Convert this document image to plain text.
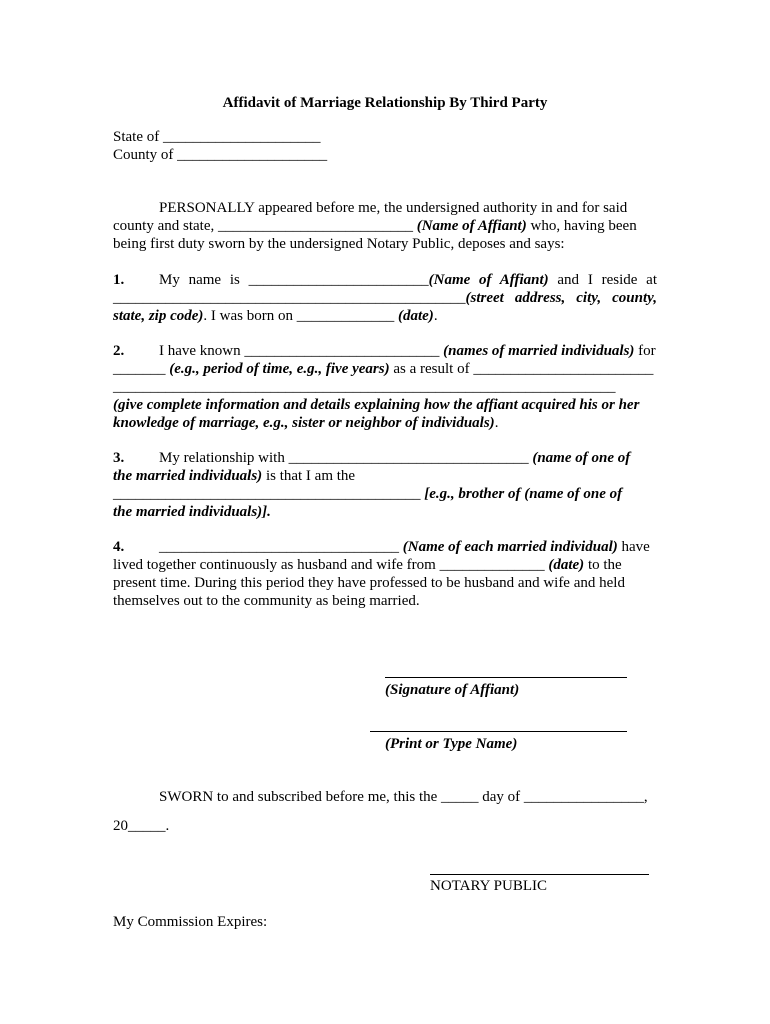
Affidavit of Marriage Relationship By Third Party
State of _____________________
County of ____________________
PERSONALLY appeared before me, the undersigned authority in and for said
county and state, __________________________ (Name of Affiant) who, having been
being first duty sworn by the undersigned Notary Public, deposes and says:
1. My name is ________________________(Name of Affiant) and I reside at
_______________________________________________(street address, city, county,
state, zip code). I was born on _____________ (date).
2. I have known __________________________ (names of married individuals) for
_______ (e.g., period of time, e.g., five years) as a result of ________________________
___________________________________________________________________
(give complete information and details explaining how the affiant acquired his or her
knowledge of marriage, e.g., sister or neighbor of individuals).
3. My relationship with ________________________________ (name of one of
the married individuals) is that I am the
_________________________________________ [e.g., brother of (name of one of
the married individuals)].
4. ________________________________ (Name of each married individual) have
lived together continuously as husband and wife from ______________ (date) to the
present time. During this period they have professed to be husband and wife and held
themselves out to the community as being married.
(Signature of Affiant)
(Print or Type Name)
SWORN to and subscribed before me, this the _____ day of ________________,
20_____.
NOTARY PUBLIC
My Commission Expires:
